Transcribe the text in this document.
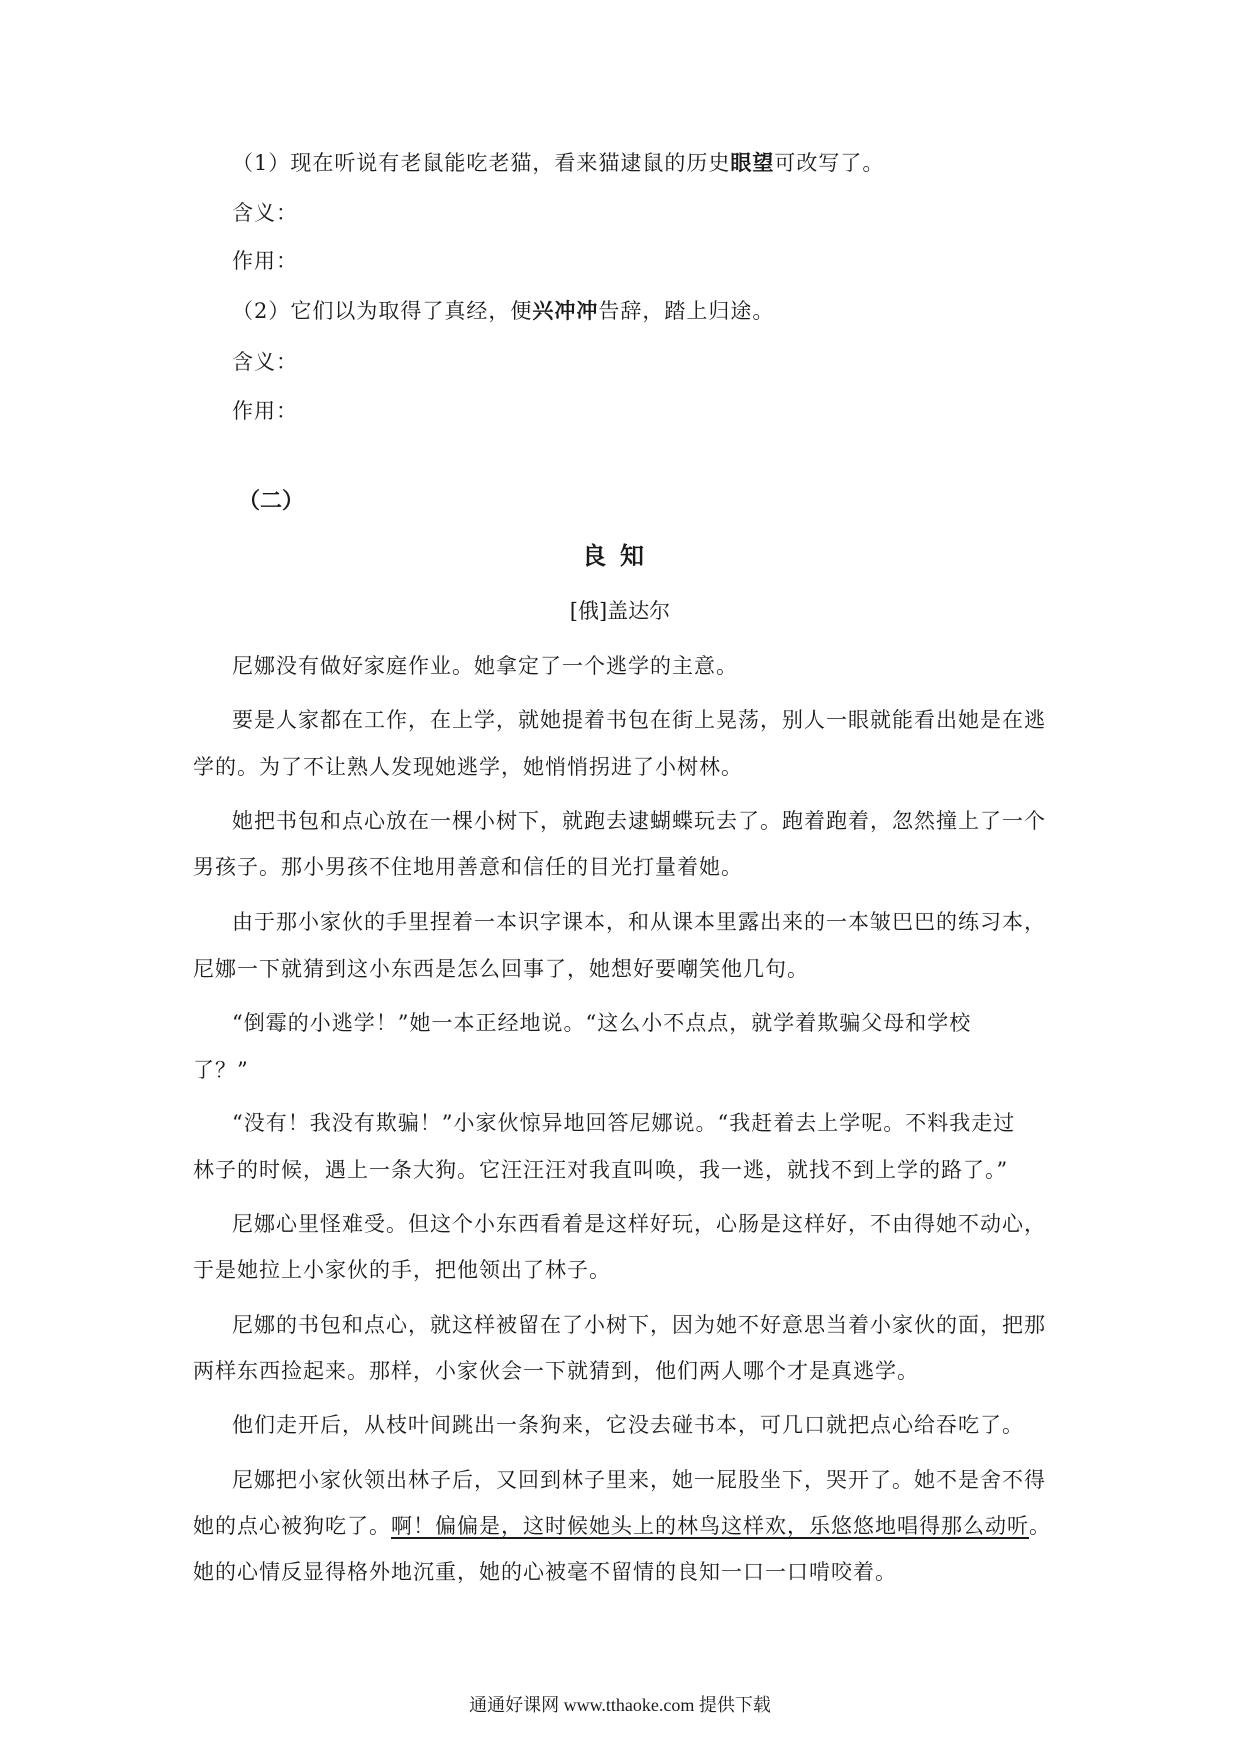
（1）现在听说有老鼠能吃老猫，看来猫逮鼠的历史眼望可改写了。
含义：
作用：
（2）它们以为取得了真经，便兴冲冲告辞，踏上归途。
含义：
作用：
（二）
良知
[俄]盖达尔
尼娜没有做好家庭作业。她拿定了一个逃学的主意。
要是人家都在工作，在上学，就她提着书包在街上晃荡，别人一眼就能看出她是在逃
学的。为了不让熟人发现她逃学，她悄悄拐进了小树林。
她把书包和点心放在一棵小树下，就跑去逮蝴蝶玩去了。跑着跑着，忽然撞上了一个
男孩子。那小男孩不住地用善意和信任的目光打量着她。
由于那小家伙的手里捏着一本识字课本，和从课本里露出来的一本皱巴巴的练习本，
尼娜一下就猜到这小东西是怎么回事了，她想好要嘲笑他几句。
“倒霉的小逃学！”她一本正经地说。“这么小不点点，就学着欺骗父母和学校
了？”
“没有！我没有欺骗！”小家伙惊异地回答尼娜说。“我赶着去上学呢。不料我走过
林子的时候，遇上一条大狗。它汪汪汪对我直叫唤，我一逃，就找不到上学的路了。”
尼娜心里怪难受。但这个小东西看着是这样好玩，心肠是这样好，不由得她不动心，
于是她拉上小家伙的手，把他领出了林子。
尼娜的书包和点心，就这样被留在了小树下，因为她不好意思当着小家伙的面，把那
两样东西捡起来。那样，小家伙会一下就猜到，他们两人哪个才是真逃学。
他们走开后，从枝叶间跳出一条狗来，它没去碰书本，可几口就把点心给吞吃了。
尼娜把小家伙领出林子后，又回到林子里来，她一屁股坐下，哭开了。她不是舍不得
她的点心被狗吃了。啊！偏偏是，这时候她头上的林鸟这样欢，乐悠悠地唱得那么动听。
她的心情反显得格外地沉重，她的心被毫不留情的良知一口一口啃咬着。
通通好课网 www.tthaoke.com 提供下载
